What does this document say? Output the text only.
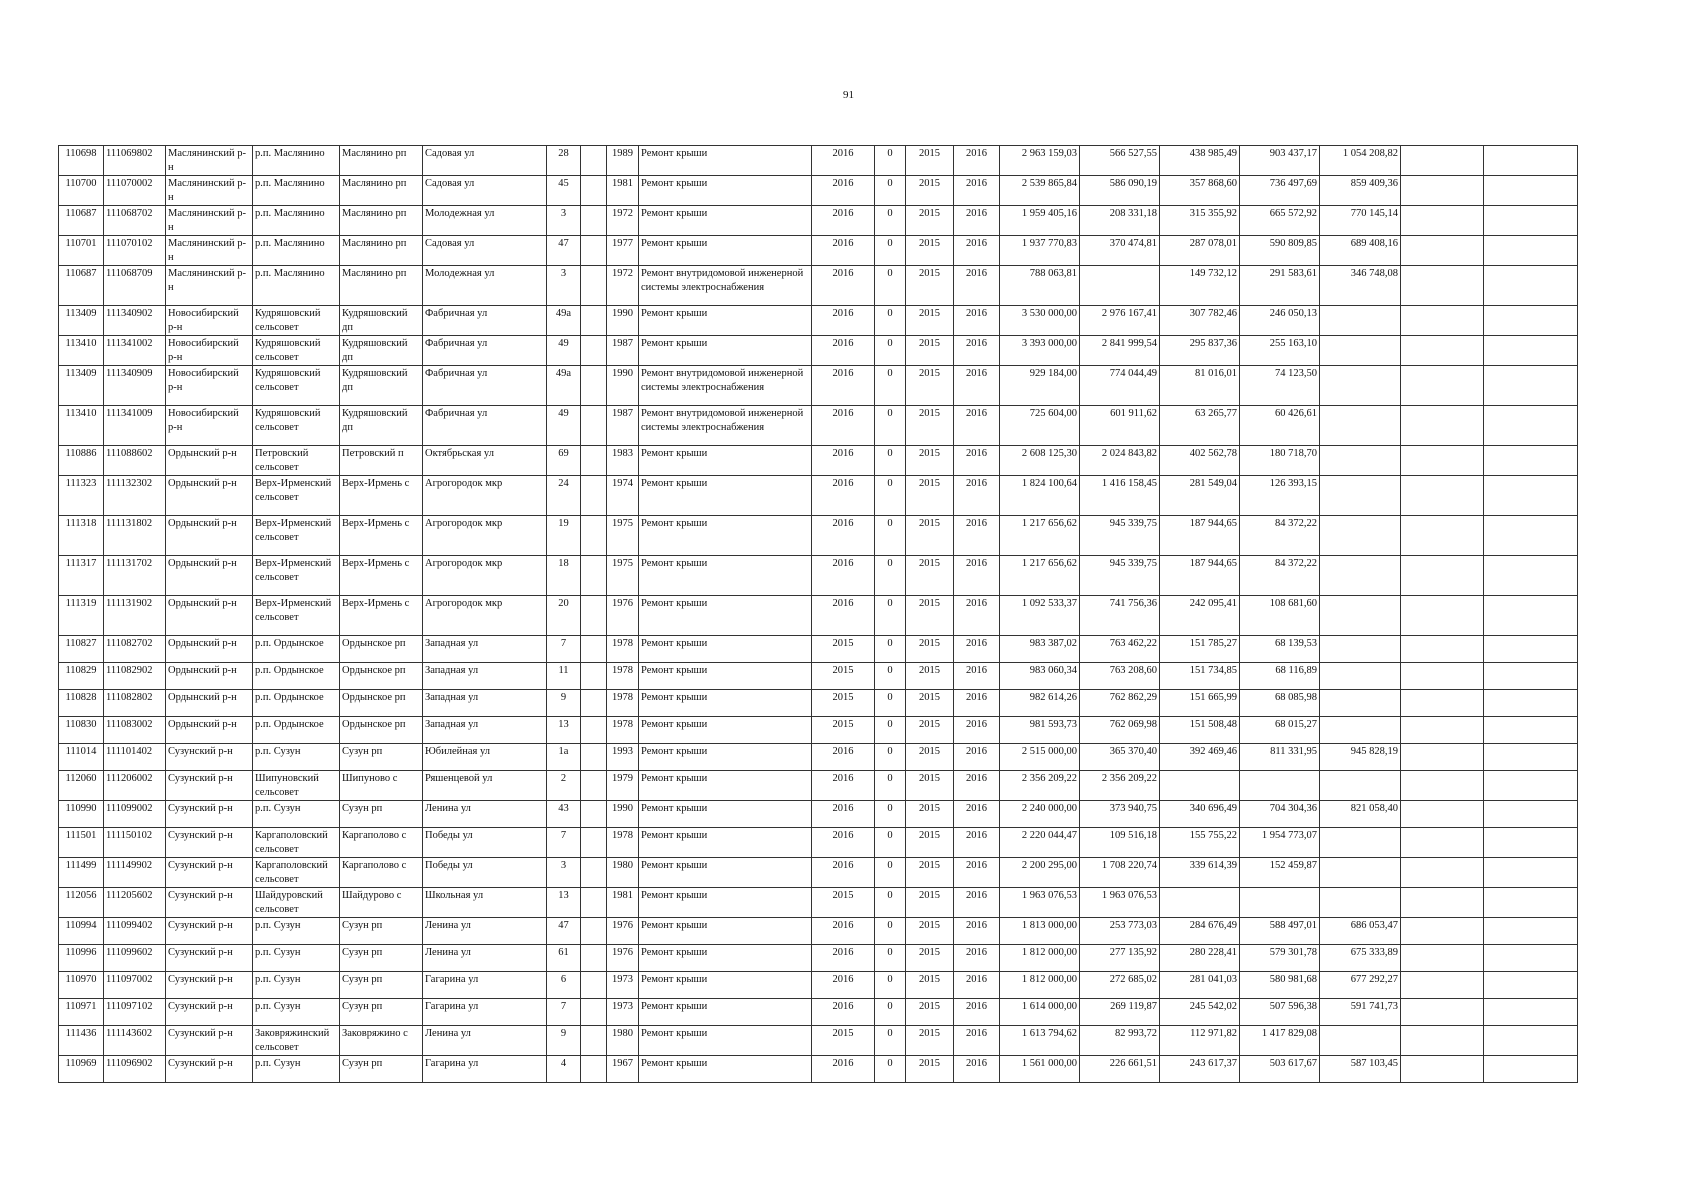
91
110698	111069802	Маслянинский р-н	р.п. Маслянино	Маслянино рп	Садовая ул	28		1989	Ремонт крыши	2016	0	2015	2016	2 963 159,03	566 527,55	438 985,49	903 437,17	1 054 208,82		
110700	111070002	Маслянинский р-н	р.п. Маслянино	Маслянино рп	Садовая ул	45		1981	Ремонт крыши	2016	0	2015	2016	2 539 865,84	586 090,19	357 868,60	736 497,69	859 409,36		
110687	111068702	Маслянинский р-н	р.п. Маслянино	Маслянино рп	Молодежная ул	3		1972	Ремонт крыши	2016	0	2015	2016	1 959 405,16	208 331,18	315 355,92	665 572,92	770 145,14		
110701	111070102	Маслянинский р-н	р.п. Маслянино	Маслянино рп	Садовая ул	47		1977	Ремонт крыши	2016	0	2015	2016	1 937 770,83	370 474,81	287 078,01	590 809,85	689 408,16		
110687	111068709	Маслянинский р-н	р.п. Маслянино	Маслянино рп	Молодежная ул	3		1972	Ремонт внутридомовой инженерной системы электроснабжения	2016	0	2015	2016	788 063,81		149 732,12	291 583,61	346 748,08		
113409	111340902	Новосибирский р-н	Кудряшовский сельсовет	Кудряшовский дп	Фабричная ул	49а		1990	Ремонт крыши	2016	0	2015	2016	3 530 000,00	2 976 167,41	307 782,46	246 050,13			
113410	111341002	Новосибирский р-н	Кудряшовский сельсовет	Кудряшовский дп	Фабричная ул	49		1987	Ремонт крыши	2016	0	2015	2016	3 393 000,00	2 841 999,54	295 837,36	255 163,10			
113409	111340909	Новосибирский р-н	Кудряшовский сельсовет	Кудряшовский дп	Фабричная ул	49а		1990	Ремонт внутридомовой инженерной системы электроснабжения	2016	0	2015	2016	929 184,00	774 044,49	81 016,01	74 123,50			
113410	111341009	Новосибирский р-н	Кудряшовский сельсовет	Кудряшовский дп	Фабричная ул	49		1987	Ремонт внутридомовой инженерной системы электроснабжения	2016	0	2015	2016	725 604,00	601 911,62	63 265,77	60 426,61			
110886	111088602	Ордынский р-н	Петровский сельсовет	Петровский п	Октябрьская ул	69		1983	Ремонт крыши	2016	0	2015	2016	2 608 125,30	2 024 843,82	402 562,78	180 718,70			
111323	111132302	Ордынский р-н	Верх-Ирменский сельсовет	Верх-Ирмень с	Агрогородок мкр	24		1974	Ремонт крыши	2016	0	2015	2016	1 824 100,64	1 416 158,45	281 549,04	126 393,15			
111318	111131802	Ордынский р-н	Верх-Ирменский сельсовет	Верх-Ирмень с	Агрогородок мкр	19		1975	Ремонт крыши	2016	0	2015	2016	1 217 656,62	945 339,75	187 944,65	84 372,22			
111317	111131702	Ордынский р-н	Верх-Ирменский сельсовет	Верх-Ирмень с	Агрогородок мкр	18		1975	Ремонт крыши	2016	0	2015	2016	1 217 656,62	945 339,75	187 944,65	84 372,22			
111319	111131902	Ордынский р-н	Верх-Ирменский сельсовет	Верх-Ирмень с	Агрогородок мкр	20		1976	Ремонт крыши	2016	0	2015	2016	1 092 533,37	741 756,36	242 095,41	108 681,60			
110827	111082702	Ордынский р-н	р.п. Ордынское	Ордынское рп	Западная ул	7		1978	Ремонт крыши	2015	0	2015	2016	983 387,02	763 462,22	151 785,27	68 139,53			
110829	111082902	Ордынский р-н	р.п. Ордынское	Ордынское рп	Западная ул	11		1978	Ремонт крыши	2015	0	2015	2016	983 060,34	763 208,60	151 734,85	68 116,89			
110828	111082802	Ордынский р-н	р.п. Ордынское	Ордынское рп	Западная ул	9		1978	Ремонт крыши	2015	0	2015	2016	982 614,26	762 862,29	151 665,99	68 085,98			
110830	111083002	Ордынский р-н	р.п. Ордынское	Ордынское рп	Западная ул	13		1978	Ремонт крыши	2015	0	2015	2016	981 593,73	762 069,98	151 508,48	68 015,27			
111014	111101402	Сузунский р-н	р.п. Сузун	Сузун рп	Юбилейная ул	1а		1993	Ремонт крыши	2016	0	2015	2016	2 515 000,00	365 370,40	392 469,46	811 331,95	945 828,19		
112060	111206002	Сузунский р-н	Шипуновский сельсовет	Шипуново с	Ряшенцевой ул	2		1979	Ремонт крыши	2016	0	2015	2016	2 356 209,22	2 356 209,22					
110990	111099002	Сузунский р-н	р.п. Сузун	Сузун рп	Ленина ул	43		1990	Ремонт крыши	2016	0	2015	2016	2 240 000,00	373 940,75	340 696,49	704 304,36	821 058,40		
111501	111150102	Сузунский р-н	Каргаполовский сельсовет	Каргаполово с	Победы ул	7		1978	Ремонт крыши	2016	0	2015	2016	2 220 044,47	109 516,18	155 755,22	1 954 773,07			
111499	111149902	Сузунский р-н	Каргаполовский сельсовет	Каргаполово с	Победы ул	3		1980	Ремонт крыши	2016	0	2015	2016	2 200 295,00	1 708 220,74	339 614,39	152 459,87			
112056	111205602	Сузунский р-н	Шайдуровский сельсовет	Шайдурово с	Школьная ул	13		1981	Ремонт крыши	2015	0	2015	2016	1 963 076,53	1 963 076,53					
110994	111099402	Сузунский р-н	р.п. Сузун	Сузун рп	Ленина ул	47		1976	Ремонт крыши	2016	0	2015	2016	1 813 000,00	253 773,03	284 676,49	588 497,01	686 053,47		
110996	111099602	Сузунский р-н	р.п. Сузун	Сузун рп	Ленина ул	61		1976	Ремонт крыши	2016	0	2015	2016	1 812 000,00	277 135,92	280 228,41	579 301,78	675 333,89		
110970	111097002	Сузунский р-н	р.п. Сузун	Сузун рп	Гагарина ул	6		1973	Ремонт крыши	2016	0	2015	2016	1 812 000,00	272 685,02	281 041,03	580 981,68	677 292,27		
110971	111097102	Сузунский р-н	р.п. Сузун	Сузун рп	Гагарина ул	7		1973	Ремонт крыши	2016	0	2015	2016	1 614 000,00	269 119,87	245 542,02	507 596,38	591 741,73		
111436	111143602	Сузунский р-н	Заковряжинский сельсовет	Заковряжино с	Ленина ул	9		1980	Ремонт крыши	2015	0	2015	2016	1 613 794,62	82 993,72	112 971,82	1 417 829,08			
110969	111096902	Сузунский р-н	р.п. Сузун	Сузун рп	Гагарина ул	4		1967	Ремонт крыши	2016	0	2015	2016	1 561 000,00	226 661,51	243 617,37	503 617,67	587 103,45		
